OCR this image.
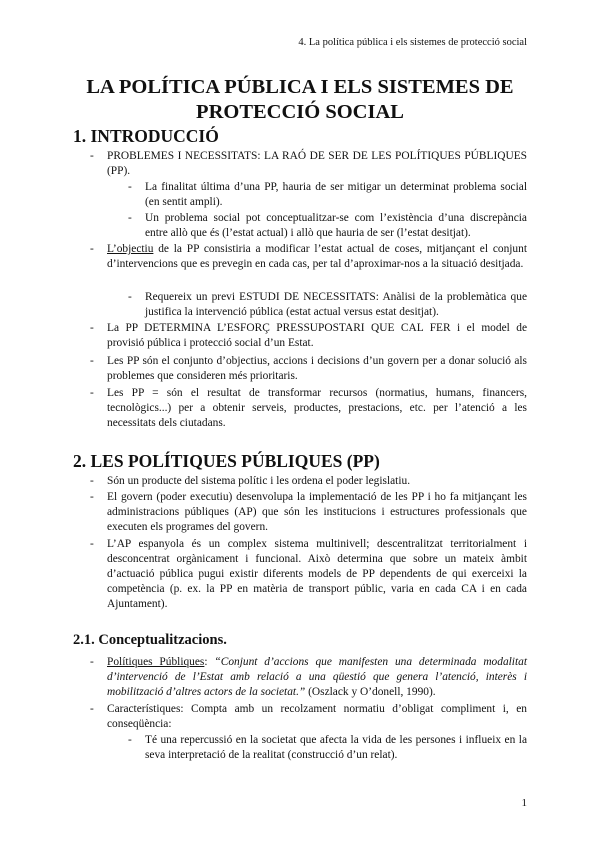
4. La política pública i els sistemes de protecció social
LA POLÍTICA PÚBLICA I ELS SISTEMES DE
PROTECCIÓ SOCIAL
1. INTRODUCCIÓ
- PROBLEMES I NECESSITATS: LA RAÓ DE SER DE LES POLÍTIQUES PÚBLIQUES (PP).
- La finalitat última d’una PP, hauria de ser mitigar un determinat problema social (en sentit ampli).
- Un problema social pot conceptualitzar-se com l’existència d’una discrepància entre allò que és (l’estat actual) i allò que hauria de ser (l’estat desitjat).
- L’objectiu de la PP consistiria a modificar l’estat actual de coses, mitjançant el conjunt d’intervencions que es prevegin en cada cas, per tal d’aproximar-nos a la situació desitjada.
- Requereix un previ ESTUDI DE NECESSITATS: Anàlisi de la problemàtica que justifica la intervenció pública (estat actual versus estat desitjat).
- La PP DETERMINA L’ESFORÇ PRESSUPOSTARI QUE CAL FER i el model de provisió pública i protecció social d’un Estat.
- Les PP són el conjunto d’objectius, accions i decisions d’un govern per a donar solució als problemes que consideren més prioritaris.
- Les PP = són el resultat de transformar recursos (normatius, humans, financers, tecnològics...) per a obtenir serveis, productes, prestacions, etc. per l’atenció a les necessitats dels ciutadans.
2. LES POLÍTIQUES PÚBLIQUES (PP)
- Són un producte del sistema polític i les ordena el poder legislatiu.
- El govern (poder executiu) desenvolupa la implementació de les PP i ho fa mitjançant les administracions públiques (AP) que són les institucions i estructures professionals que executen els programes del govern.
- L’AP espanyola és un complex sistema multinivell; descentralitzat territorialment i desconcentrat orgànicament i funcional. Això determina que sobre un mateix àmbit d’actuació pública pugui existir diferents models de PP dependents de qui exerceixi la competència (p. ex. la PP en matèria de transport públic, varia en cada CA i en cada Ajuntament).
2.1. Conceptualitzacions.
- Polítiques Públiques: “Conjunt d’accions que manifesten una determinada modalitat d’intervenció de l’Estat amb relació a una qüestió que genera l’atenció, interès i mobilització d’altres actors de la societat.” (Oszlack y O’donell, 1990).
- Característiques: Compta amb un recolzament normatiu d’obligat compliment i, en conseqüència:
- Té una repercussió en la societat que afecta la vida de les persones i influeix en la seva interpretació de la realitat (construcció d’un relat).
1
